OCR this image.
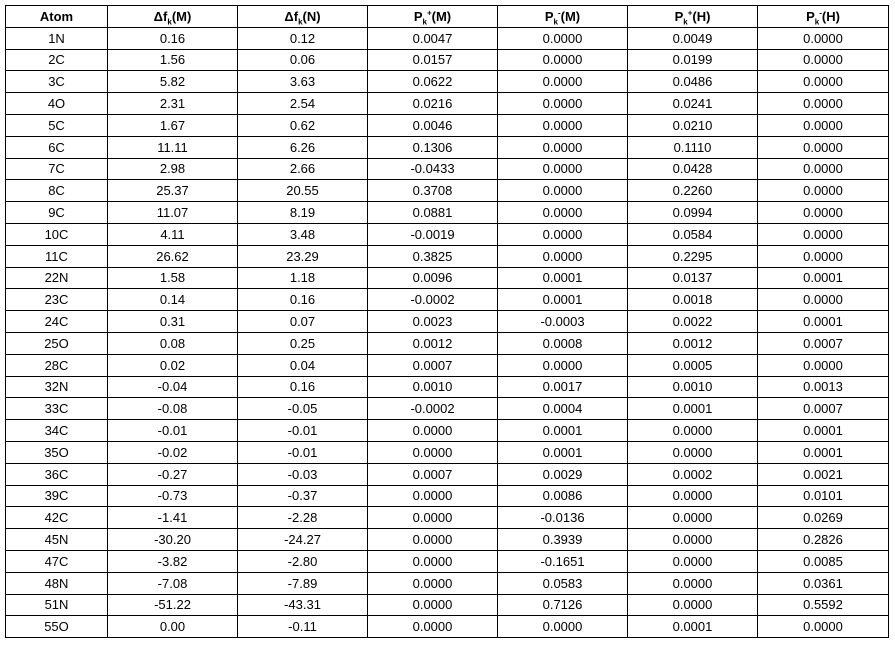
Atom	$\Delta f_k(M)$	$\Delta f_k(N)$	$P_k^+(M)$	$P_k^-(M)$	$P_k^+(H)$	$P_k^-(H)$
1N	0.16	0.12	0.0047	0.0000	0.0049	0.0000
2C	1.56	0.06	0.0157	0.0000	0.0199	0.0000
3C	5.82	3.63	0.0622	0.0000	0.0486	0.0000
4O	2.31	2.54	0.0216	0.0000	0.0241	0.0000
5C	1.67	0.62	0.0046	0.0000	0.0210	0.0000
6C	11.11	6.26	0.1306	0.0000	0.1110	0.0000
7C	2.98	2.66	-0.0433	0.0000	0.0428	0.0000
8C	25.37	20.55	0.3708	0.0000	0.2260	0.0000
9C	11.07	8.19	0.0881	0.0000	0.0994	0.0000
10C	4.11	3.48	-0.0019	0.0000	0.0584	0.0000
11C	26.62	23.29	0.3825	0.0000	0.2295	0.0000
22N	1.58	1.18	0.0096	0.0001	0.0137	0.0001
23C	0.14	0.16	-0.0002	0.0001	0.0018	0.0000
24C	0.31	0.07	0.0023	-0.0003	0.0022	0.0001
25O	0.08	0.25	0.0012	0.0008	0.0012	0.0007
28C	0.02	0.04	0.0007	0.0000	0.0005	0.0000
32N	-0.04	0.16	0.0010	0.0017	0.0010	0.0013
33C	-0.08	-0.05	-0.0002	0.0004	0.0001	0.0007
34C	-0.01	-0.01	0.0000	0.0001	0.0000	0.0001
35O	-0.02	-0.01	0.0000	0.0001	0.0000	0.0001
36C	-0.27	-0.03	0.0007	0.0029	0.0002	0.0021
39C	-0.73	-0.37	0.0000	0.0086	0.0000	0.0101
42C	-1.41	-2.28	0.0000	-0.0136	0.0000	0.0269
45N	-30.20	-24.27	0.0000	0.3939	0.0000	0.2826
47C	-3.82	-2.80	0.0000	-0.1651	0.0000	0.0085
48N	-7.08	-7.89	0.0000	0.0583	0.0000	0.0361
51N	-51.22	-43.31	0.0000	0.7126	0.0000	0.5592
55O	0.00	-0.11	0.0000	0.0000	0.0001	0.0000
